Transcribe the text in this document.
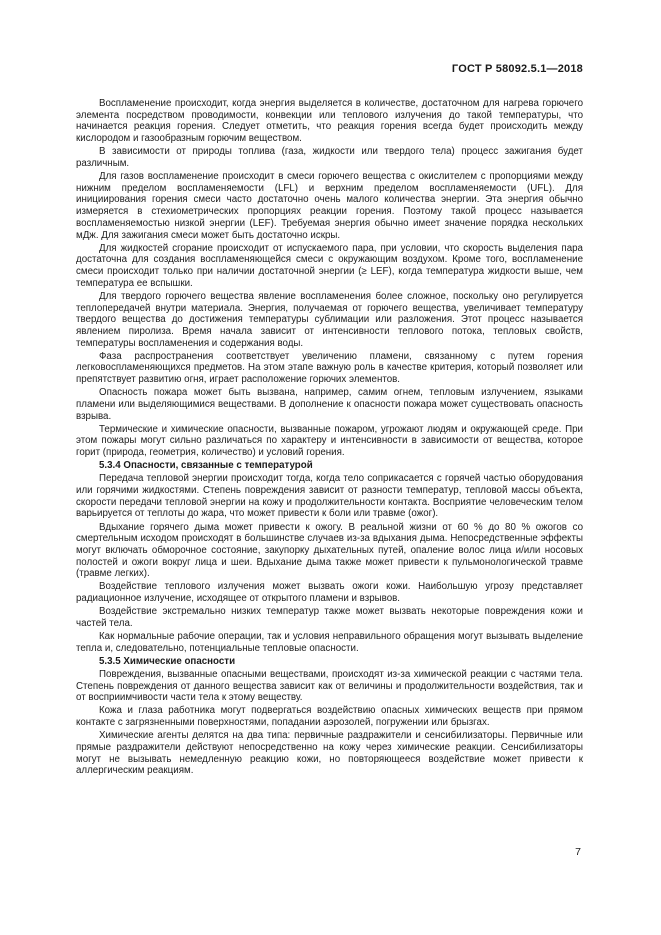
ГОСТ Р 58092.5.1—2018

Воспламенение происходит, когда энергия выделяется в количестве, достаточном для нагрева горючего элемента посредством проводимости, конвекции или теплового излучения до такой температуры, что начинается реакция горения. Следует отметить, что реакция горения всегда будет происходить между кислородом и газообразным горючим веществом.

В зависимости от природы топлива (газа, жидкости или твердого тела) процесс зажигания будет различным.

Для газов воспламенение происходит в смеси горючего вещества с окислителем с пропорциями между нижним пределом воспламеняемости (LFL) и верхним пределом воспламеняемости (UFL). Для инициирования горения смеси часто достаточно очень малого количества энергии. Эта энергия обычно измеряется в стехиометрических пропорциях реакции горения. Поэтому такой процесс называется воспламеняемостью низкой энергии (LEF). Требуемая энергия обычно имеет значение порядка нескольких мДж. Для зажигания смеси может быть достаточно искры.

Для жидкостей сгорание происходит от испускаемого пара, при условии, что скорость выделения пара достаточна для создания воспламеняющейся смеси с окружающим воздухом. Кроме того, воспламенение смеси происходит только при наличии достаточной энергии (≥ LEF), когда температура жидкости выше, чем температура ее вспышки.

Для твердого горючего вещества явление воспламенения более сложное, поскольку оно регулируется теплопередачей внутри материала. Энергия, получаемая от горючего вещества, увеличивает температуру твердого вещества до достижения температуры сублимации или разложения. Этот процесс называется явлением пиролиза. Время начала зависит от интенсивности теплового потока, тепловых свойств, температуры воспламенения и содержания воды.

Фаза распространения соответствует увеличению пламени, связанному с путем горения легковоспламеняющихся предметов. На этом этапе важную роль в качестве критерия, который позволяет или препятствует развитию огня, играет расположение горючих элементов.

Опасность пожара может быть вызвана, например, самим огнем, тепловым излучением, языками пламени или выделяющимися веществами. В дополнение к опасности пожара может существовать опасность взрыва.

Термические и химические опасности, вызванные пожаром, угрожают людям и окружающей среде. При этом пожары могут сильно различаться по характеру и интенсивности в зависимости от вещества, которое горит (природа, геометрия, количество) и условий горения.

5.3.4 Опасности, связанные с температурой

Передача тепловой энергии происходит тогда, когда тело соприкасается с горячей частью оборудования или горячими жидкостями. Степень повреждения зависит от разности температур, тепловой массы объекта, скорости передачи тепловой энергии на кожу и продолжительности контакта. Восприятие человеческим телом варьируется от теплоты до жара, что может привести к боли или травме (ожог).

Вдыхание горячего дыма может привести к ожогу. В реальной жизни от 60 % до 80 % ожогов со смертельным исходом происходят в большинстве случаев из-за вдыхания дыма. Непосредственные эффекты могут включать обморочное состояние, закупорку дыхательных путей, опаление волос лица и/или носовых полостей и ожоги вокруг лица и шеи. Вдыхание дыма также может привести к пульмонологической травме (травме легких).

Воздействие теплового излучения может вызвать ожоги кожи. Наибольшую угрозу представляет радиационное излучение, исходящее от открытого пламени и взрывов.

Воздействие экстремально низких температур также может вызвать некоторые повреждения кожи и частей тела.

Как нормальные рабочие операции, так и условия неправильного обращения могут вызывать выделение тепла и, следовательно, потенциальные тепловые опасности.

5.3.5 Химические опасности

Повреждения, вызванные опасными веществами, происходят из-за химической реакции с частями тела. Степень повреждения от данного вещества зависит как от величины и продолжительности воздействия, так и от восприимчивости части тела к этому веществу.

Кожа и глаза работника могут подвергаться воздействию опасных химических веществ при прямом контакте с загрязненными поверхностями, попадании аэрозолей, погружении или брызгах.

Химические агенты делятся на два типа: первичные раздражители и сенсибилизаторы. Первичные или прямые раздражители действуют непосредственно на кожу через химические реакции. Сенсибилизаторы могут не вызывать немедленную реакцию кожи, но повторяющееся воздействие может привести к аллергическим реакциям.

7
